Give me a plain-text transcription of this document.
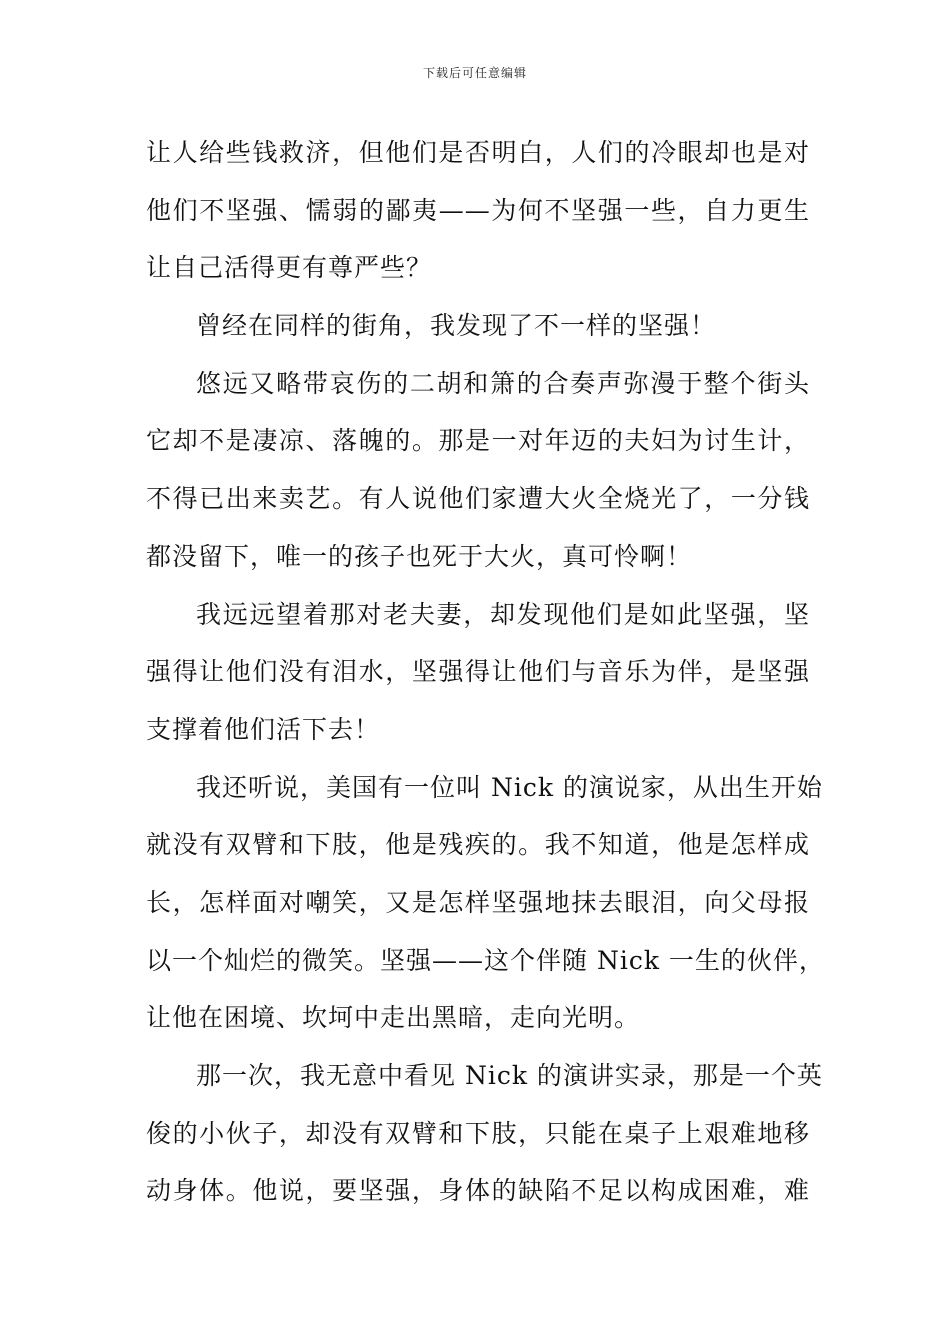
下载后可任意编辑
让人给些钱救济，但他们是否明白，人们的冷眼却也是对
他们不坚强、懦弱的鄙夷——为何不坚强一些，自力更生
让自己活得更有尊严些？
曾经在同样的街角，我发现了不一样的坚强！
悠远又略带哀伤的二胡和箫的合奏声弥漫于整个街头
它却不是凄凉、落魄的。那是一对年迈的夫妇为讨生计，
不得已出来卖艺。有人说他们家遭大火全烧光了，一分钱
都没留下，唯一的孩子也死于大火，真可怜啊！
我远远望着那对老夫妻，却发现他们是如此坚强，坚
强得让他们没有泪水，坚强得让他们与音乐为伴，是坚强
支撑着他们活下去！
我还听说，美国有一位叫 Nick 的演说家，从出生开始
就没有双臂和下肢，他是残疾的。我不知道，他是怎样成
长，怎样面对嘲笑，又是怎样坚强地抹去眼泪，向父母报
以一个灿烂的微笑。坚强——这个伴随 Nick 一生的伙伴，
让他在困境、坎坷中走出黑暗，走向光明。
那一次，我无意中看见 Nick 的演讲实录，那是一个英
俊的小伙子，却没有双臂和下肢，只能在桌子上艰难地移
动身体。他说，要坚强，身体的缺陷不足以构成困难，难
